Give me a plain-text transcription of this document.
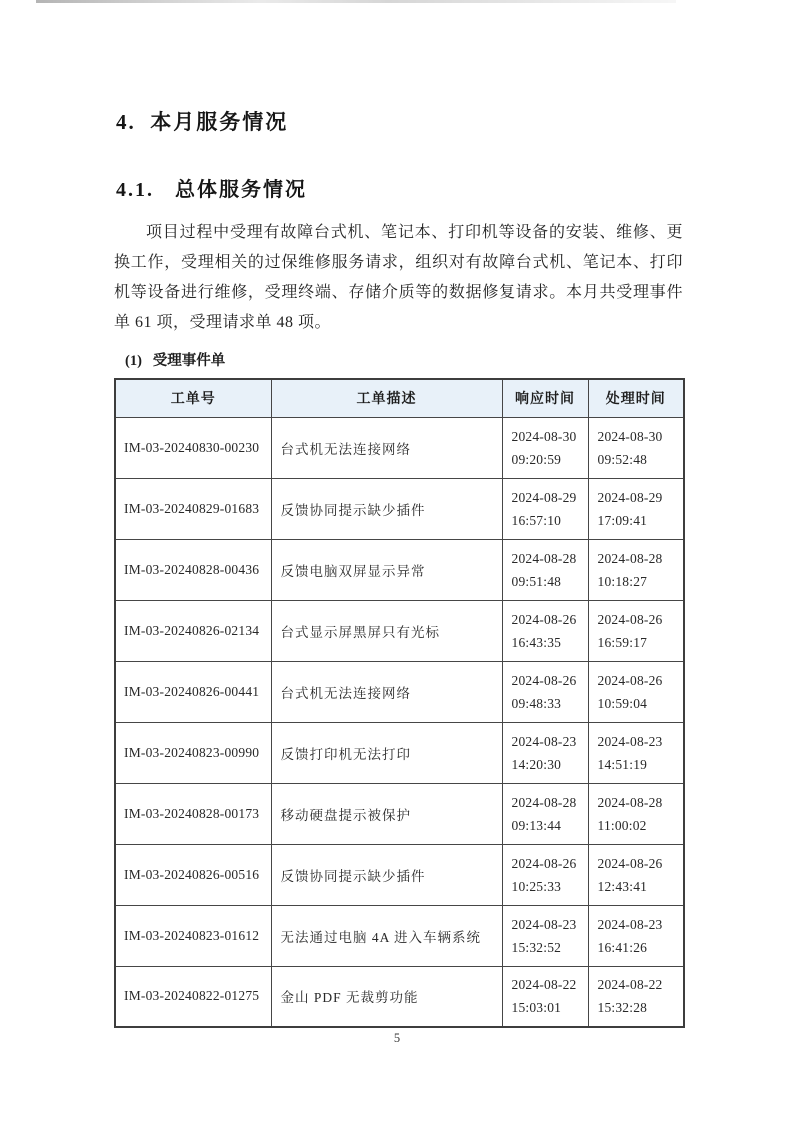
4.  本月服务情况
4.1.   总体服务情况

项目过程中受理有故障台式机、笔记本、打印机等设备的安装、维修、更换工作，受理相关的过保维修服务请求，组织对有故障台式机、笔记本、打印机等设备进行维修，受理终端、存储介质等的数据修复请求。本月共受理事件单 61 项，受理请求单 48 项。

(1)   受理事件单
工单号	工单描述	响应时间	处理时间
IM-03-20240830-00230	台式机无法连接网络	2024-08-30
09:20:59	2024-08-30
09:52:48

IM-03-20240829-01683	反馈协同提示缺少插件	2024-08-29
16:57:10	2024-08-29
17:09:41

IM-03-20240828-00436	反馈电脑双屏显示异常	2024-08-28
09:51:48	2024-08-28
10:18:27

IM-03-20240826-02134	台式显示屏黑屏只有光标	2024-08-26
16:43:35	2024-08-26
16:59:17

IM-03-20240826-00441	台式机无法连接网络	2024-08-26
09:48:33	2024-08-26
10:59:04

IM-03-20240823-00990	反馈打印机无法打印	2024-08-23
14:20:30	2024-08-23
14:51:19

IM-03-20240828-00173	移动硬盘提示被保护	2024-08-28
09:13:44	2024-08-28
11:00:02

IM-03-20240826-00516	反馈协同提示缺少插件	2024-08-26
10:25:33	2024-08-26
12:43:41

IM-03-20240823-01612	无法通过电脑 4A 进入车辆系统	2024-08-23
15:32:52	2024-08-23
16:41:26

IM-03-20240822-01275	金山 PDF 无裁剪功能	2024-08-22
15:03:01	2024-08-22
15:32:28
5
